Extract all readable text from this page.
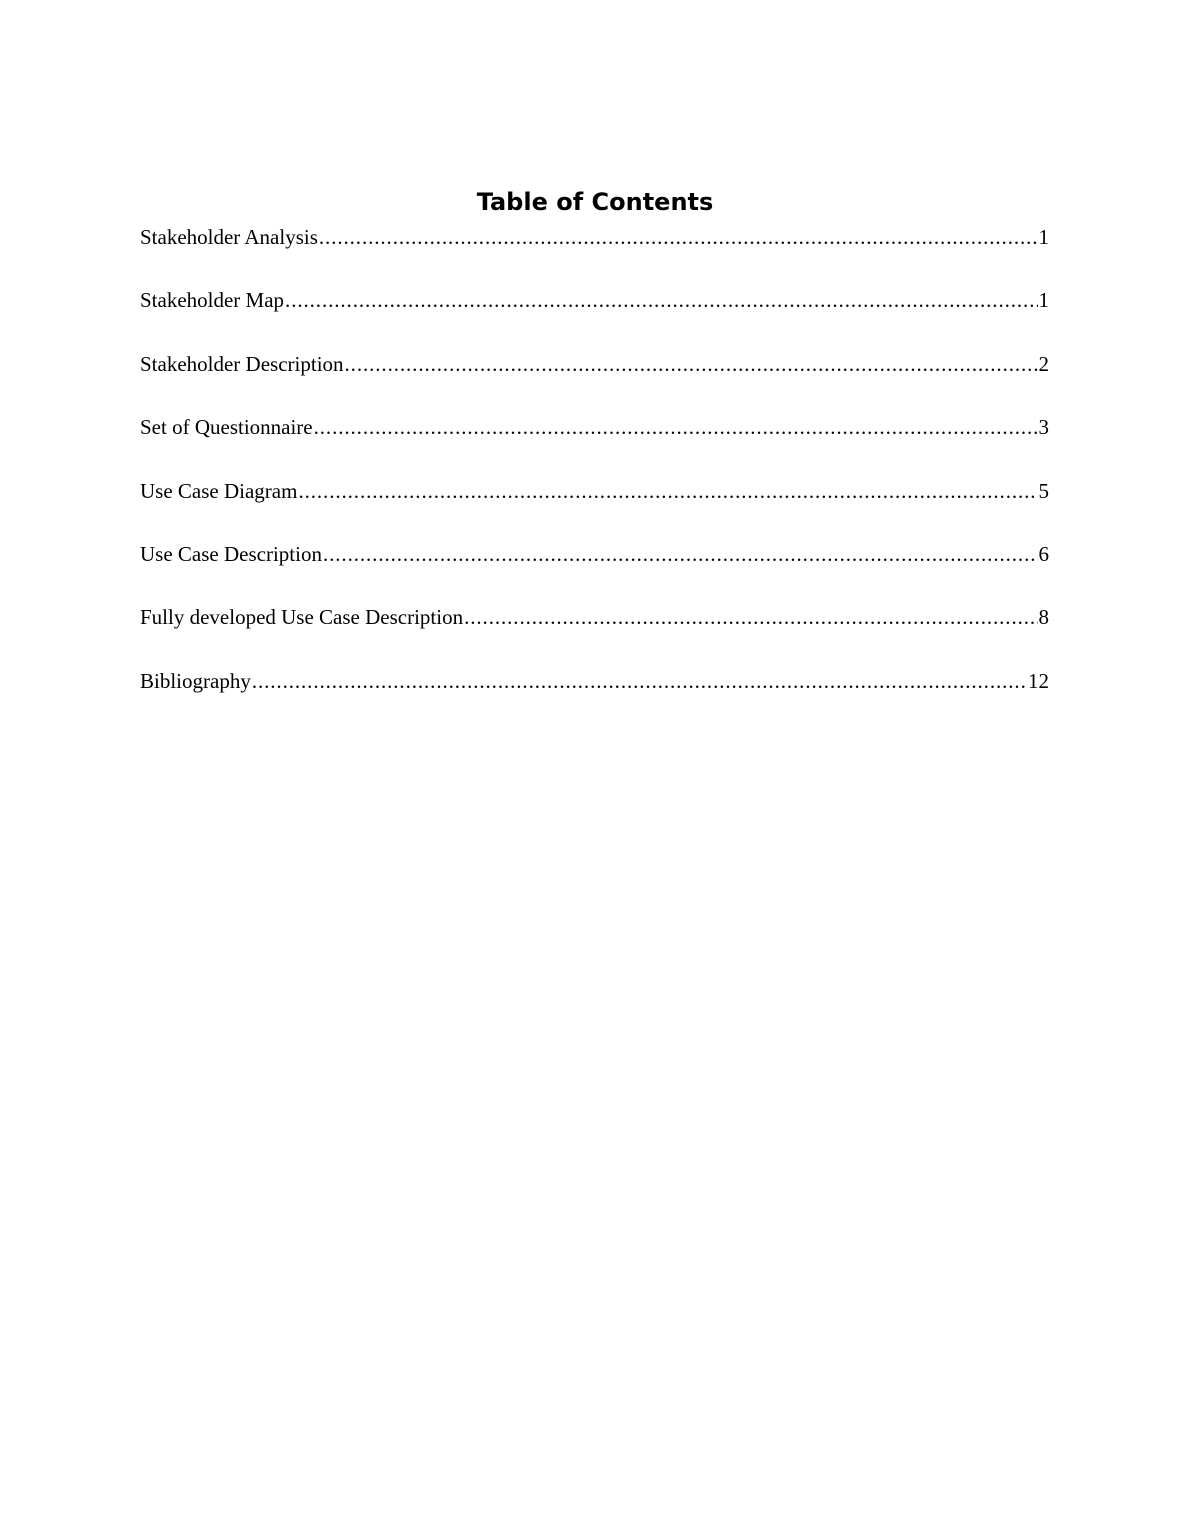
Table of Contents
Stakeholder Analysis .....	1
Stakeholder Map .....	1
Stakeholder Description .....	2
Set of Questionnaire .....	3
Use Case Diagram .....	5
Use Case Description .....	6
Fully developed Use Case Description .....	8
Bibliography .....	12
